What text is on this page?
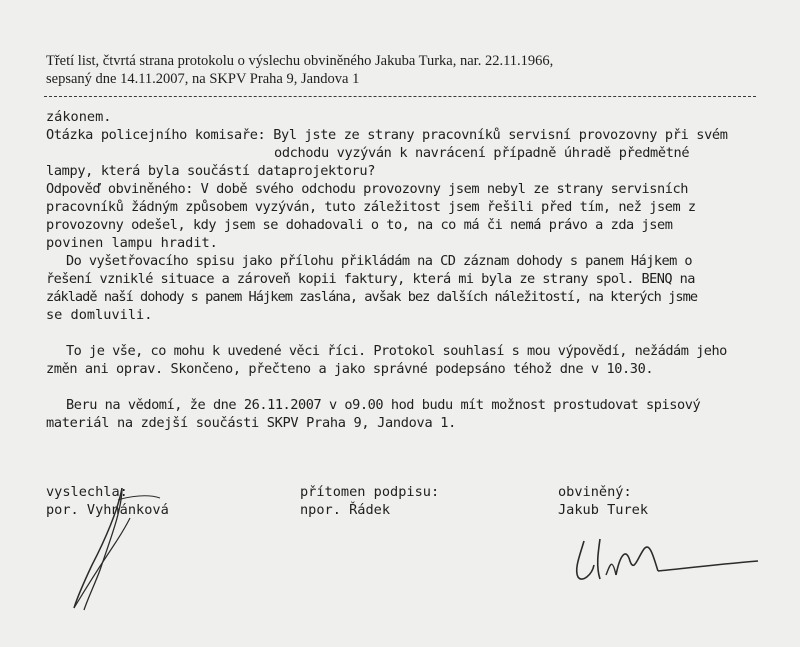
Třetí list, čtvrtá strana protokolu o výslechu obviněného Jakuba Turka, nar. 22.11.1966,
sepsaný dne 14.11.2007, na SKPV Praha 9, Jandova 1
zákonem.
Otázka policejního komisaře: Byl jste ze strany pracovníků servisní provozovny při svém
odchodu vyzýván k navrácení případně úhradě předmětné
lampy, která byla součástí dataprojektoru?
Odpověď obviněného: V době svého odchodu provozovny jsem nebyl ze strany servisních
pracovníků žádným způsobem vyzýván, tuto záležitost jsem řešili před tím, než jsem z
provozovny odešel, kdy jsem se dohadovali o to, na co má či nemá právo a zda jsem
povinen lampu hradit.
Do vyšetřovacího spisu jako přílohu přikládám na CD záznam dohody s panem Hájkem o
řešení vzniklé situace a zároveň kopii faktury, která mi byla ze strany spol. BENQ na
základě naší dohody s panem Hájkem zaslána, avšak bez dalších náležitostí, na kterých jsme
se domluvili.
To je vše, co mohu k uvedené věci říci. Protokol souhlasí s mou výpovědí, nežádám jeho
změn ani oprav. Skončeno, přečteno a jako správné podepsáno téhož dne v 10.30.
Beru na vědomí, že dne 26.11.2007 v o9.00 hod budu mít možnost prostudovat spisový
materiál na zdejší součásti SKPV Praha 9, Jandova 1.
vyslechla:
por. Vyhnánková
přítomen podpisu:
npor. Řádek
obviněný:
Jakub Turek
